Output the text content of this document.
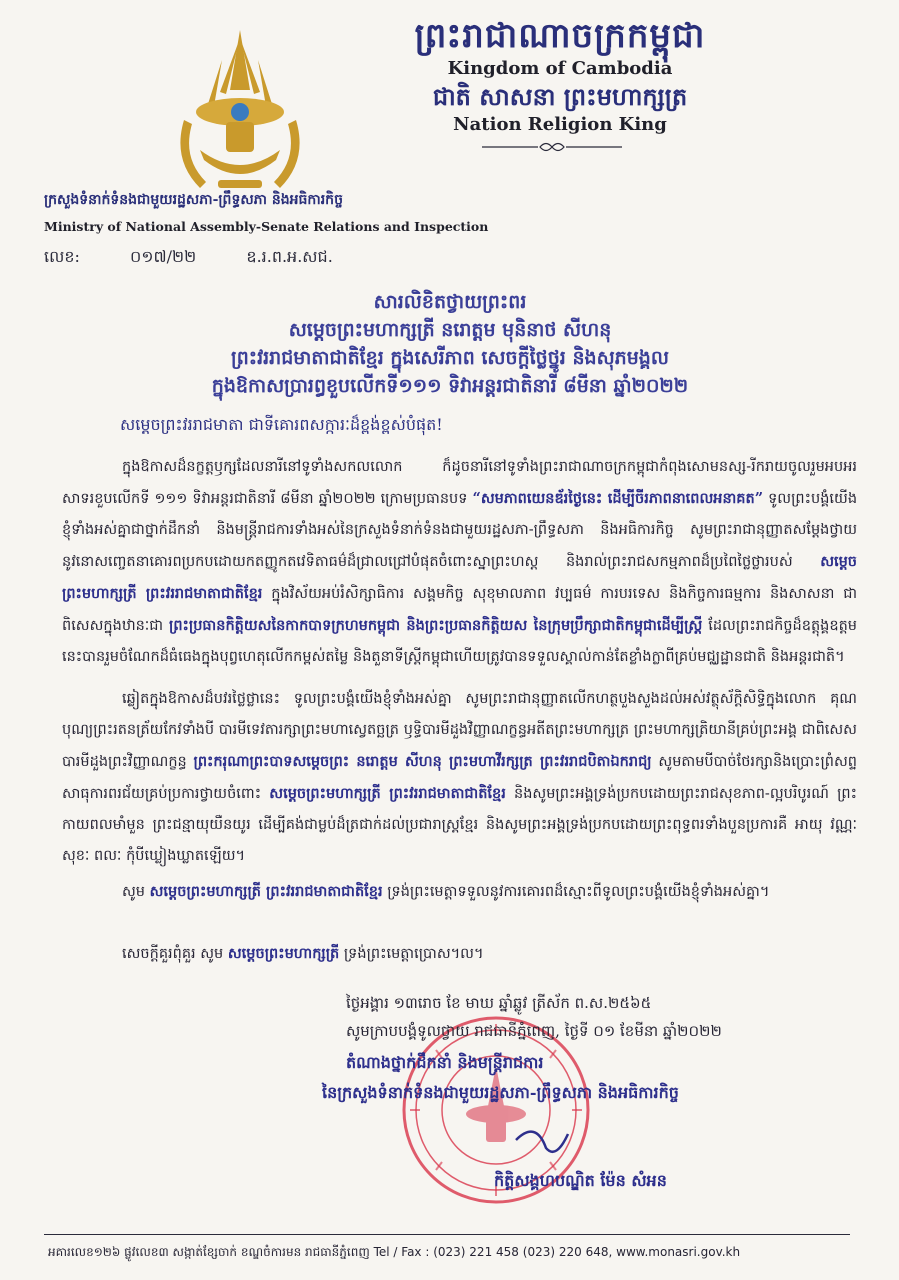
ព្រះរាជាណាចក្រកម្ពុជា
Kingdom of Cambodia
ជាតិ សាសនា ព្រះមហាក្សត្រ
Nation Religion King
ក្រសួងទំនាក់ទំនងជាមួយរដ្ឋសភា-ព្រឹទ្ធសភា និងអធិការកិច្ច
Ministry of National Assembly-Senate Relations and Inspection
លេខ:	០១៧/២២	ឧ.រ.ព.អ.សជ.
សារលិខិតថ្វាយព្រះពរ
សម្តេចព្រះមហាក្សត្រី នរោត្តម មុនិនាថ សីហនុ
ព្រះវររាជមាតាជាតិខ្មែរ ក្នុងសេរីភាព សេចក្តីថ្លៃថ្នូរ និងសុភមង្គល
ក្នុងឱកាសប្រារព្ធខួបលើកទី១១១ ទិវាអន្តរជាតិនារី ៨មីនា ឆ្នាំ២០២២
សម្តេចព្រះវររាជមាតា ជាទីគោរពសក្ការៈដ៏ខ្ពង់ខ្ពស់បំផុត!
ក្នុងឱកាសដ៏នក្ខត្តឫក្សដែលនារីនៅទូទាំងសកលលោក ក៏ដូចនារីនៅទូទាំងព្រះរាជាណាចក្រកម្ពុជាកំពុងសោមនស្ស-រីករាយចូលរួមអបអរសាទរខួបលើកទី ១១១ ទិវាអន្តរជាតិនារី ៨មីនា ឆ្នាំ២០២២ ក្រោមប្រធានបទ “សមភាពយេនឌ័រថ្ងៃនេះ ដើម្បីចីរភាពនាពេលអនាគត” ទូលព្រះបង្គំយើងខ្ញុំទាំងអស់គ្នាជាថ្នាក់ដឹកនាំ និងមន្ត្រីរាជការទាំងអស់នៃក្រសួងទំនាក់ទំនងជាមួយរដ្ឋសភា-ព្រឹទ្ធសភា និងអធិការកិច្ច សូមព្រះរាជានុញ្ញាតសម្តែងថ្វាយនូវនោសញ្ចេតនាគោរពប្រកបដោយកតញ្ញូកតវេទិតាធម៌ដ៏ជ្រាលជ្រៅបំផុតចំពោះស្នាព្រះហស្ត និងរាល់ព្រះរាជសកម្មភាពដ៏ប្រពៃថ្លៃថ្លារបស់ សម្តេចព្រះមហាក្សត្រី ព្រះវររាជមាតាជាតិខ្មែរ ក្នុងវិស័យអប់រំសិក្សាធិការ សង្គមកិច្ច សុខុមាលភាព វប្បធម៌ ការបរទេស និងកិច្ចការធម្មការ និងសាសនា ជាពិសេសក្នុងឋានៈជា ព្រះប្រធានកិត្តិយសនៃកាកបាទក្រហមកម្ពុជា និងព្រះប្រធានកិត្តិយស នៃក្រុមប្រឹក្សាជាតិកម្ពុជាដើម្បីស្ត្រី ដែលព្រះរាជកិច្ចដ៏ឧត្តុង្គឧត្តមនេះបានរួមចំណែកដ៏ធំធេងក្នុងបុព្វហេតុលើកកម្ពស់តម្លៃ និងតួនាទីស្ត្រីកម្ពុជាហើយត្រូវបានទទួលស្គាល់កាន់តែខ្លាំងក្លាពីគ្រប់មជ្ឈដ្ឋានជាតិ និងអន្តរជាតិ។
ឆ្លៀតក្នុងឱកាសដ៏បវរថ្លៃថ្លានេះ ទូលព្រះបង្គំយើងខ្ញុំទាំងអស់គ្នា សូមព្រះរាជានុញ្ញាតលើកហត្ថបួងសួងដល់អស់វត្ថុស័ក្តិសិទ្ធិក្នុងលោក គុណបុណ្យព្រះរតនត្រ័យកែវទាំងបី បារមីទេវតារក្សាព្រះមហាស្វេតច្ឆត្រ ឫទ្ធិបារមីដួងវិញ្ញាណក្ខន្ធអតីតព្រះមហាក្សត្រ ព្រះមហាក្សត្រិយានីគ្រប់ព្រះអង្គ ជាពិសេសបារមីដួងព្រះវិញ្ញាណក្ខន្ធ ព្រះករុណាព្រះបាទសម្តេចព្រះ នរោត្តម សីហនុ ព្រះមហាវីរក្សត្រ ព្រះវររាជបិតាឯករាជ្យ សូមតាមបីបាច់ថែរក្សានិងប្រោះព្រំសព្ទសាធុការពរជ័យគ្រប់ប្រការថ្វាយចំពោះ សម្តេចព្រះមហាក្សត្រី ព្រះវររាជមាតាជាតិខ្មែរ និងសូមព្រះអង្គទ្រង់ប្រកបដោយព្រះរាជសុខភាព-ល្អបរិបូរណ៍ ព្រះកាយពលមាំមួន ព្រះជន្មាយុយឺនយូរ ដើម្បីគង់ជាម្លប់ដ៏ត្រជាក់ដល់ប្រជារាស្ត្រខ្មែរ និងសូមព្រះអង្គទ្រង់ប្រកបដោយព្រះពុទ្ធពរទាំងបួនប្រការគឺ អាយុ វណ្ណៈ សុខៈ ពលៈ កុំបីឃ្លៀងឃ្លាតឡើយ។
សូម សម្តេចព្រះមហាក្សត្រី ព្រះវររាជមាតាជាតិខ្មែរ ទ្រង់ព្រះមេត្តាទទួលនូវការគោរពដ៏ស្មោះពីទូលព្រះបង្គំយើងខ្ញុំទាំងអស់គ្នា។
សេចក្តីគួរពុំគួរ សូម សម្តេចព្រះមហាក្សត្រី ទ្រង់ព្រះមេត្តាប្រោស។ល។
ថ្ងៃអង្គារ ១៣រោច ខែ មាឃ ឆ្នាំឆ្លូវ ត្រីស័ក ព.ស.២៥៦៥
សូមក្រាបបង្គំទូលថ្វាយ រាជធានីភ្នំពេញ, ថ្ងៃទី ០១ ខែមីនា ឆ្នាំ២០២២
តំណាងថ្នាក់ដឹកនាំ និងមន្ត្រីរាជការ
នៃក្រសួងទំនាក់ទំនងជាមួយរដ្ឋសភា-ព្រឹទ្ធសភា និងអធិការកិច្ច
កិត្តិសង្គហបណ្ឌិត ម៉ែន សំអន
អគារលេខ១២៦ ផ្លូវលេខ៣ សង្កាត់ខ្សែចាក់ ខណ្ឌចំការមន រាជធានីភ្នំពេញ Tel / Fax : (023) 221 458 (023) 220 648, www.monasri.gov.kh
